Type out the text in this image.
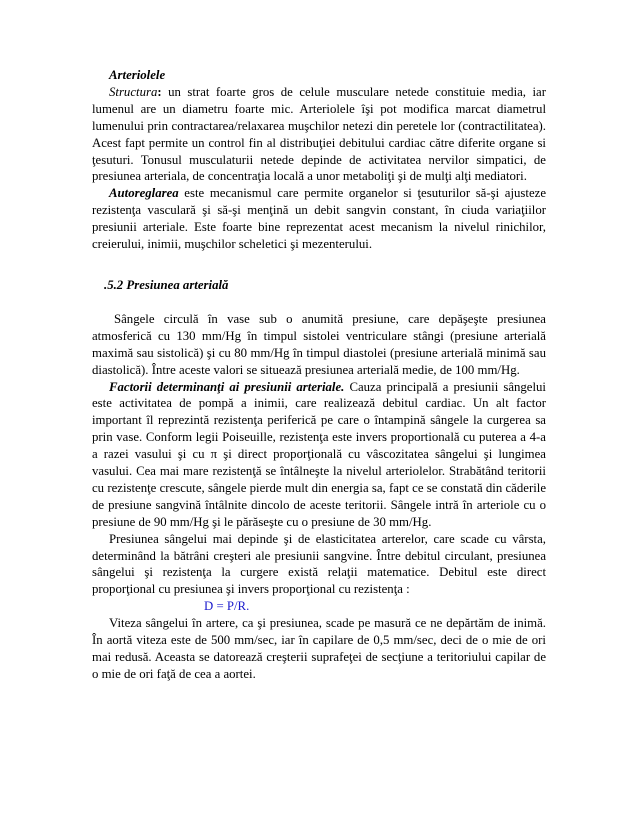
Arteriolele

Structura: un strat foarte gros de celule musculare netede constituie media, iar lumenul are un diametru foarte mic. Arteriolele îşi pot modifica marcat diametrul lumenului prin contractarea/relaxarea muşchilor netezi din peretele lor (contractilitatea). Acest fapt permite un control fin al distribuţiei debitului cardiac către diferite organe si ţesuturi. Tonusul musculaturii netede depinde de activitatea nervilor simpatici, de presiunea arteriala, de concentraţia locală a unor metaboliţi şi de mulţi alţi mediatori.

Autoreglarea este mecanismul care permite organelor si ţesuturilor să-şi ajusteze rezistenţa vasculară şi să-şi menţină un debit sangvin constant, în ciuda variaţiilor presiunii arteriale. Este foarte bine reprezentat acest mecanism la nivelul rinichilor, creierului, inimii, muşchilor scheletici şi mezenterului.

.5.2 Presiunea arterială

Sângele circulă în vase sub o anumită presiune, care depăşeşte presiunea atmosferică cu 130 mm/Hg în timpul sistolei ventriculare stângi (presiune arterială maximă sau sistolică) şi cu 80 mm/Hg în timpul diastolei (presiune arterială minimă sau diastolică). Între aceste valori se situează presiunea arterială medie, de 100 mm/Hg.

Factorii determinanţi ai presiunii arteriale. Cauza principală a presiunii sângelui este activitatea de pompă a inimii, care realizează debitul cardiac. Un alt factor important îl reprezintă rezistenţa periferică pe care o întampină sângele la curgerea sa prin vase. Conform legii Poiseuille, rezistenţa este invers proportională cu puterea a 4-a a razei vasului şi cu π şi direct proporţională cu vâscozitatea sângelui şi lungimea vasului. Cea mai mare rezistenţă se întâlneşte la nivelul arteriolelor. Strabătând teritorii cu rezistenţe crescute, sângele pierde mult din energia sa, fapt ce se constată din căderile de presiune sangvină întâlnite dincolo de aceste teritorii. Sângele intră în arteriole cu o presiune de 90 mm/Hg şi le părăseşte cu o presiune de 30 mm/Hg.

Presiunea sângelui mai depinde şi de elasticitatea arterelor, care scade cu vârsta, determinând la bătrâni creşteri ale presiunii sangvine. Între debitul circulant, presiunea sângelui şi rezistenţa la curgere există relaţii matematice. Debitul este direct proporţional cu presiunea şi invers proporţional cu rezistenţa :

D = P/R.

Viteza sângelui în artere, ca şi presiunea, scade pe masură ce ne depărtăm de inimă. În aortă viteza este de 500 mm/sec, iar în capilare de 0,5 mm/sec, deci de o mie de ori mai redusă. Aceasta se datorează creşterii suprafeţei de secţiune a teritoriului capilar de o mie de ori faţă de cea a aortei.
